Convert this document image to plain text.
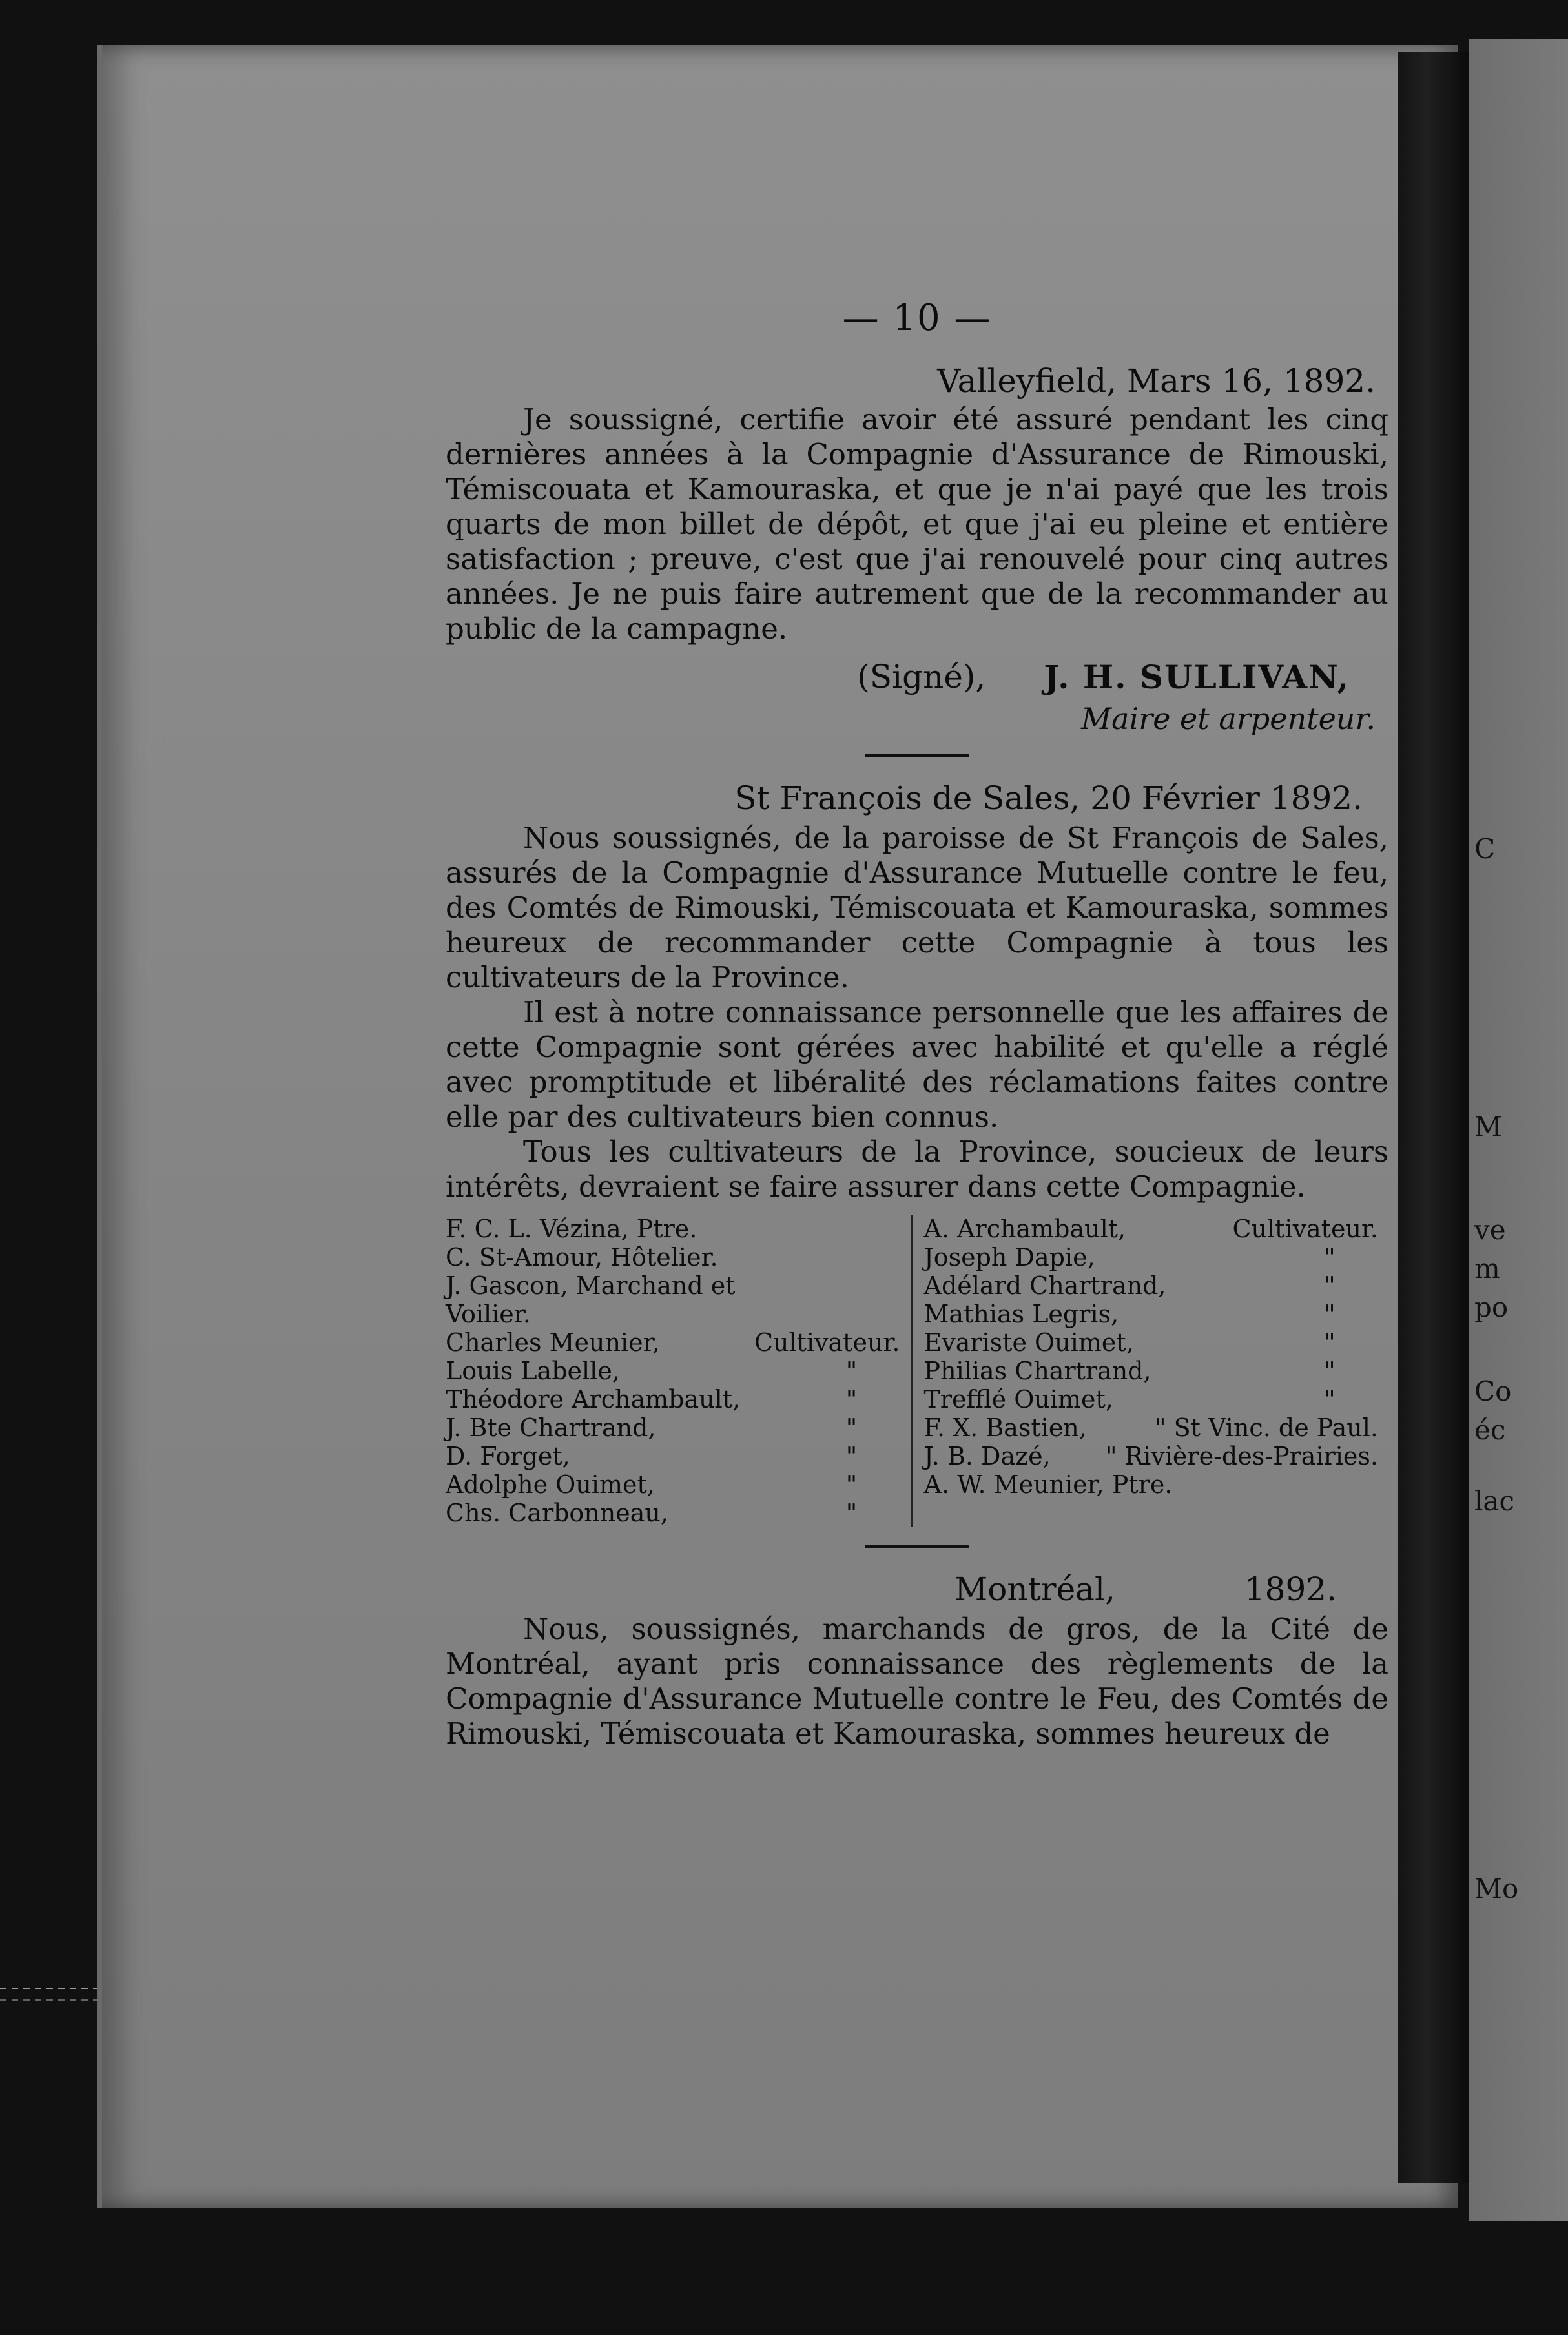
C
M
ve
m
po
Co
éc
lac
Mo
— 10 —
Valleyfield, Mars 16, 1892.

Je soussigné, certifie avoir été assuré pendant les cinq dernières années à la Compagnie d'Assurance de Rimouski, Témiscouata et Kamouraska, et que je n'ai payé que les trois quarts de mon billet de dépôt, et que j'ai eu pleine et entière satisfaction ; preuve, c'est que j'ai renouvelé pour cinq autres années. Je ne puis faire autrement que de la recommander au public de la campagne.

(Signé), J. H. SULLIVAN,
Maire et arpenteur.
St François de Sales, 20 Février 1892.

Nous soussignés, de la paroisse de St François de Sales, assurés de la Compagnie d'Assurance Mutuelle contre le feu, des Comtés de Rimouski, Témiscouata et Kamouraska, sommes heureux de recommander cette Compagnie à tous les cultivateurs de la Province.

Il est à notre connaissance personnelle que les affaires de cette Compagnie sont gérées avec habilité et qu'elle a réglé avec promptitude et libéralité des réclamations faites contre elle par des cultivateurs bien connus.

Tous les cultivateurs de la Province, soucieux de leurs intérêts, devraient se faire assurer dans cette Compagnie.

F. C. L. Vézina, Ptre.
C. St-Amour, Hôtelier.
J. Gascon, Marchand et Voilier.
Charles Meunier,	Cultivateur.
Louis Labelle,	"
Théodore Archambault,	"
J. Bte Chartrand,	"
D. Forget,	"
Adolphe Ouimet,	"
Chs. Carbonneau,	"
A. Archambault,	Cultivateur.
Joseph Dapie,	"
Adélard Chartrand,	"
Mathias Legris,	"
Evariste Ouimet,	"
Philias Chartrand,	"
Trefflé Ouimet,	"
F. X. Bastien,	" St Vinc. de Paul.
J. B. Dazé, " Rivière-des-Prairies.
A. W. Meunier, Ptre.
Montréal,	1892.

Nous, soussignés, marchands de gros, de la Cité de Montréal, ayant pris connaissance des règlements de la Compagnie d'Assurance Mutuelle contre le Feu, des Comtés de Rimouski, Témiscouata et Kamouraska, sommes heureux de
